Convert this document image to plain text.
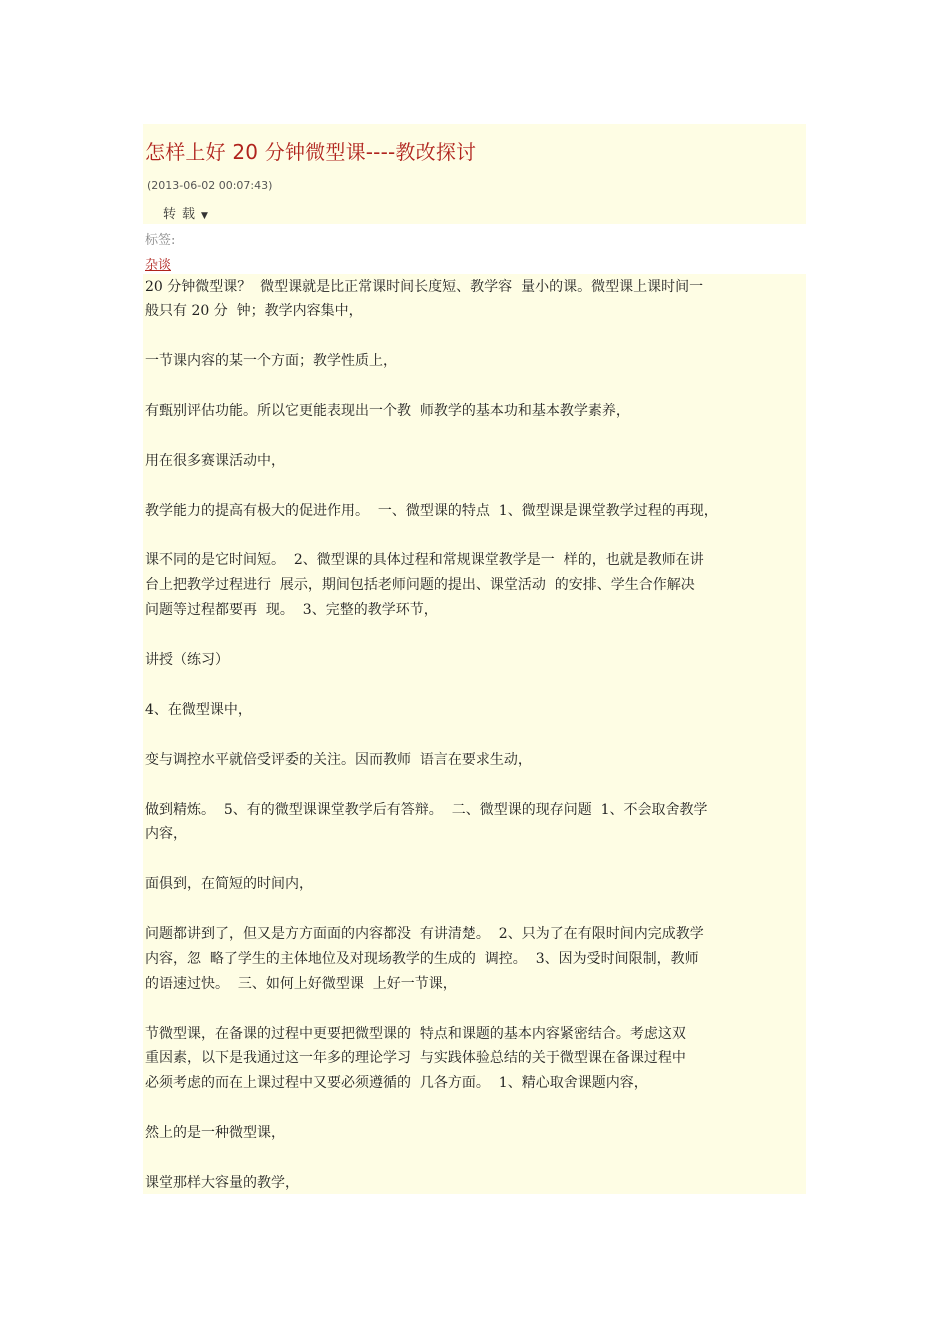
怎样上好 20 分钟微型课----教改探讨
(2013-06-02 00:07:43)
转载▼
标签:
杂谈
20 分钟微型课？  微型课就是比正常课时间长度短、教学容  量小的课。微型课上课时间一
般只有 20 分  钟；教学内容集中，
一节课内容的某一个方面；教学性质上，
有甄别评估功能。所以它更能表现出一个教  师教学的基本功和基本教学素养，
用在很多赛课活动中，
教学能力的提高有极大的促进作用。  一、微型课的特点  1、微型课是课堂教学过程的再现，
课不同的是它时间短。  2、微型课的具体过程和常规课堂教学是一  样的，也就是教师在讲
台上把教学过程进行  展示，期间包括老师问题的提出、课堂活动  的安排、学生合作解决
问题等过程都要再  现。  3、完整的教学环节，
讲授（练习）
4、在微型课中，
变与调控水平就倍受评委的关注。因而教师  语言在要求生动，
做到精炼。  5、有的微型课课堂教学后有答辩。  二、微型课的现存问题  1、不会取舍教学
内容，
面俱到，在简短的时间内，
问题都讲到了，但又是方方面面的内容都没  有讲清楚。  2、只为了在有限时间内完成教学
内容，忽  略了学生的主体地位及对现场教学的生成的  调控。  3、因为受时间限制，教师
的语速过快。  三、如何上好微型课  上好一节课，
节微型课，在备课的过程中更要把微型课的  特点和课题的基本内容紧密结合。考虑这双
重因素，以下是我通过这一年多的理论学习  与实践体验总结的关于微型课在备课过程中
必须考虑的而在上课过程中又要必须遵循的  几各方面。  1、精心取舍课题内容，
然上的是一种微型课，
课堂那样大容量的教学，
